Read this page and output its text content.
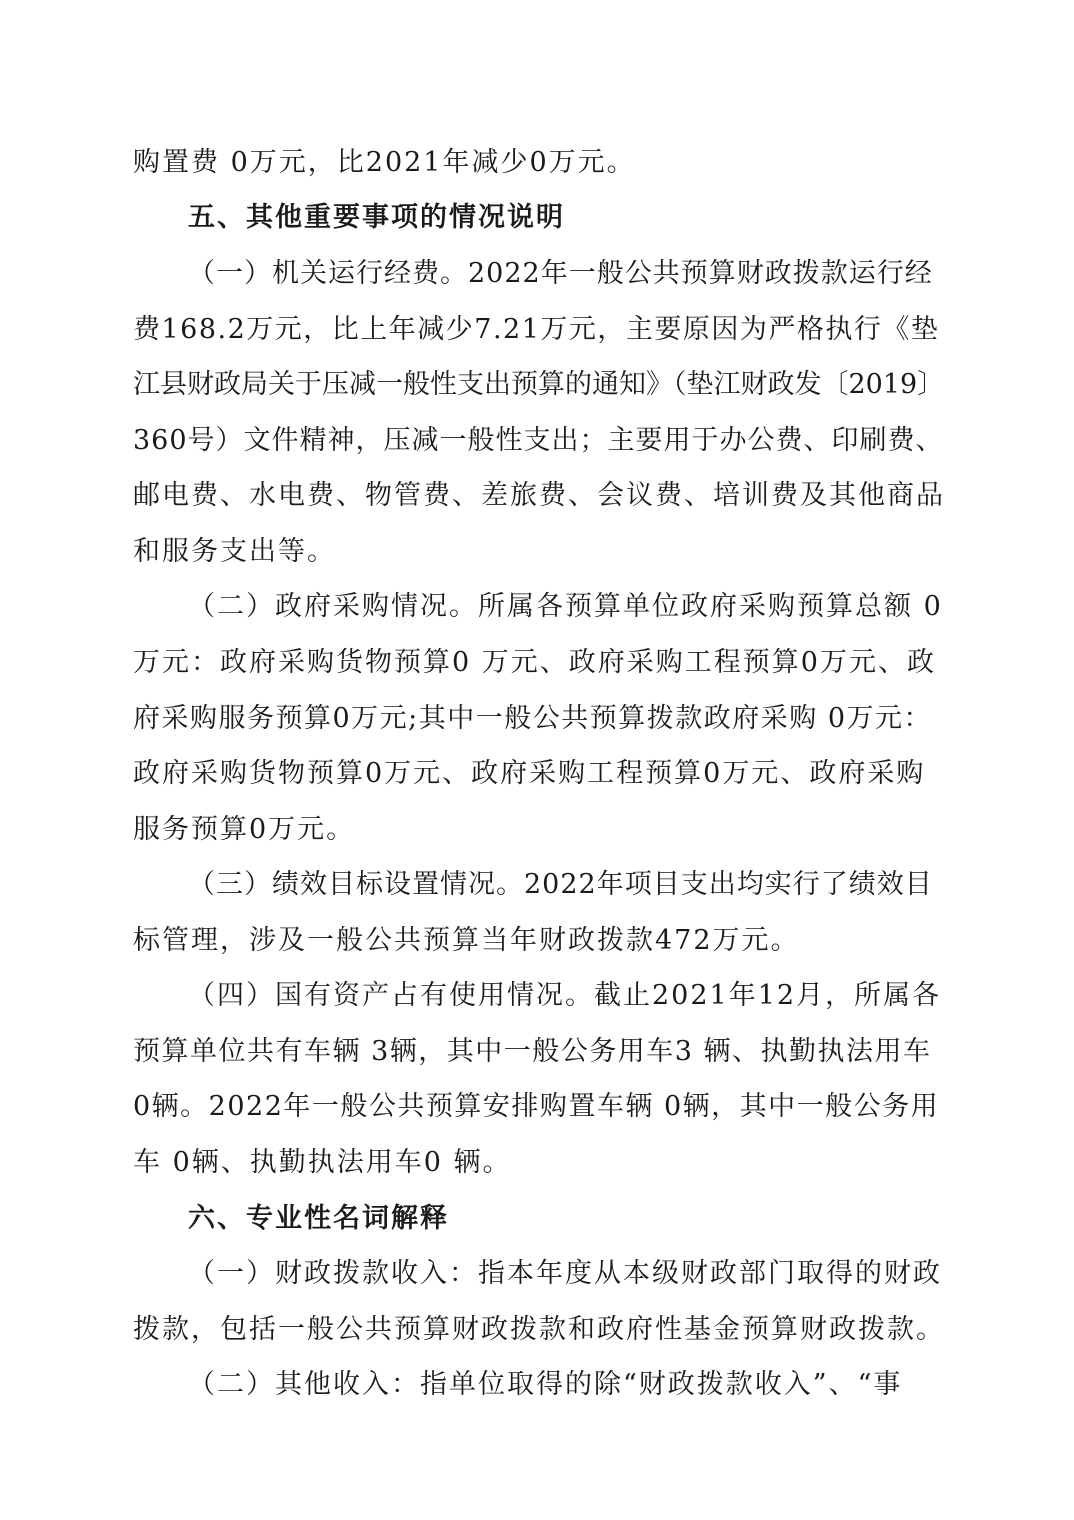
购置费 0万元，比2021年减少0万元。
五、其他重要事项的情况说明
（一）机关运行经费。2022年一般公共预算财政拨款运行经
费168.2万元，比上年减少7.21万元，主要原因为严格执行《垫
江县财政局关于压减一般性支出预算的通知》（垫江财政发〔2019〕
360号）文件精神，压减一般性支出；主要用于办公费、印刷费、
邮电费、水电费、物管费、差旅费、会议费、培训费及其他商品
和服务支出等。
（二）政府采购情况。所属各预算单位政府采购预算总额 0
万元：政府采购货物预算0 万元、政府采购工程预算0万元、政
府采购服务预算0万元;其中一般公共预算拨款政府采购 0万元：
政府采购货物预算0万元、政府采购工程预算0万元、政府采购
服务预算0万元。
（三）绩效目标设置情况。2022年项目支出均实行了绩效目
标管理，涉及一般公共预算当年财政拨款472万元。
（四）国有资产占有使用情况。截止2021年12月，所属各
预算单位共有车辆 3辆，其中一般公务用车3 辆、执勤执法用车
0辆。2022年一般公共预算安排购置车辆 0辆，其中一般公务用
车 0辆、执勤执法用车0 辆。
六、专业性名词解释
（一）财政拨款收入：指本年度从本级财政部门取得的财政
拨款，包括一般公共预算财政拨款和政府性基金预算财政拨款。
（二）其他收入：指单位取得的除“财政拨款收入”、“事
